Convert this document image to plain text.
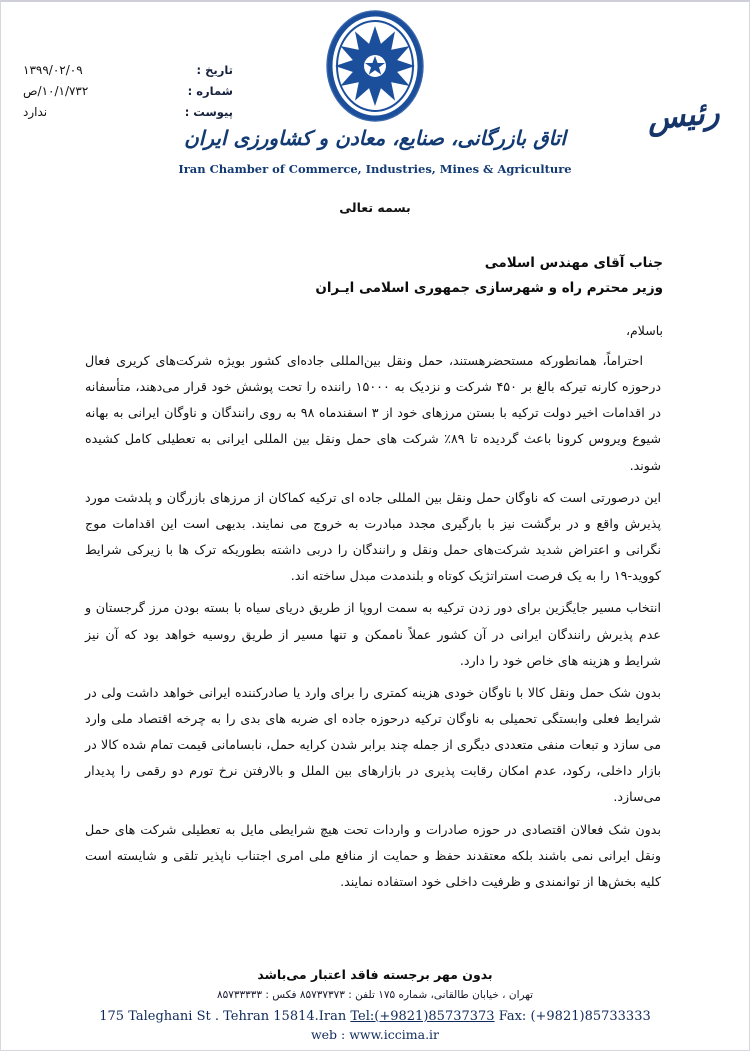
اتاق بازرگانی، صنایع، معادن و کشاورزی ایران
Iran Chamber of Commerce, Industries, Mines & Agriculture
تاریخ :
۱۳۹۹/۰۲/۰۹
شماره :
۱۰/۱/۷۳۲/ص
پیوست :
ندارد	رئیس
بسمه تعالی
جناب آقای مهندس اسلامی
وزیر محترم راه و شهرسازی جمهوری اسلامی ایـران
باسلام،

احتراماً، همانطورکه مستحضرهستند، حمل ونقل بین‌المللی جاده‌ای کشور بویژه شرکت‌های کریری فعال درحوزه کارنه تیرکه بالغ بر ۴۵۰ شرکت و نزدیک به ۱۵۰۰۰ راننده را تحت پوشش خود قرار می‌دهند، متأسفانه در اقدامات اخیر دولت ترکیه با بستن مرزهای خود از ۳ اسفندماه ۹۸ به روی رانندگان و ناوگان ایرانی به بهانه شیوع ویروس کرونا باعث گردیده تا ۸۹٪ شرکت های حمل ونقل بین المللی ایرانی به تعطیلی کامل کشیده شوند.

این درصورتی است که ناوگان حمل ونقل بین المللی جاده ای ترکیه کماکان از مرزهای بازرگان و پلدشت مورد پذیرش واقع و در برگشت نیز با بارگیری مجدد مبادرت به خروج می نمایند. بدیهی است این اقدامات موج نگرانی و اعتراض شدید شرکت‌های حمل ونقل و رانندگان را دربی داشته بطوریکه ترک ها با زیرکی شرایط کووید-۱۹ را به یک فرصت استراتژیک کوتاه و بلندمدت مبدل ساخته اند.

انتخاب مسیر جایگزین برای دور زدن ترکیه به سمت اروپا از طریق دریای سیاه با بسته بودن مرز گرجستان و عدم پذیرش رانندگان ایرانی در آن کشور عملاً ناممکن و تنها مسیر از طریق روسیه خواهد بود که آن نیز شرایط و هزینه های خاص خود را دارد.

بدون شک حمل ونقل کالا با ناوگان خودی هزینه کمتری را برای وارد یا صادرکننده ایرانی خواهد داشت ولی در شرایط فعلی وابستگی تحمیلی به ناوگان ترکیه درحوزه جاده ای ضربه های بدی را به چرخه اقتصاد ملی وارد می سازد و تبعات منفی متعددی دیگری از جمله چند برابر شدن کرایه حمل، نابسامانی قیمت تمام شده کالا در بازار داخلی، رکود، عدم امکان رقابت پذیری در بازارهای بین الملل و بالارفتن نرخ تورم دو رقمی را پدیدار می‌سازد.

بدون شک فعالان اقتصادی در حوزه صادرات و واردات تحت هیچ شرایطی مایل به تعطیلی شرکت های حمل ونقل ایرانی نمی باشند بلکه معتقدند حفظ و حمایت از منافع ملی امری اجتناب ناپذیر تلقی و شایسته است کلیه بخش‌ها از توانمندی و ظرفیت داخلی خود استفاده نمایند.

بدون مهر برجسته فاقد اعتبار می‌باشد
تهران ، خیابان طالقانی، شماره ۱۷۵ تلفن : ۸۵۷۳۷۳۷۳ فکس : ۸۵۷۳۳۳۳۳
175 Taleghani St . Tehran 15814.Iran Tel:(+9821)85737373 Fax: (+9821)85733333
web : www.iccima.ir
